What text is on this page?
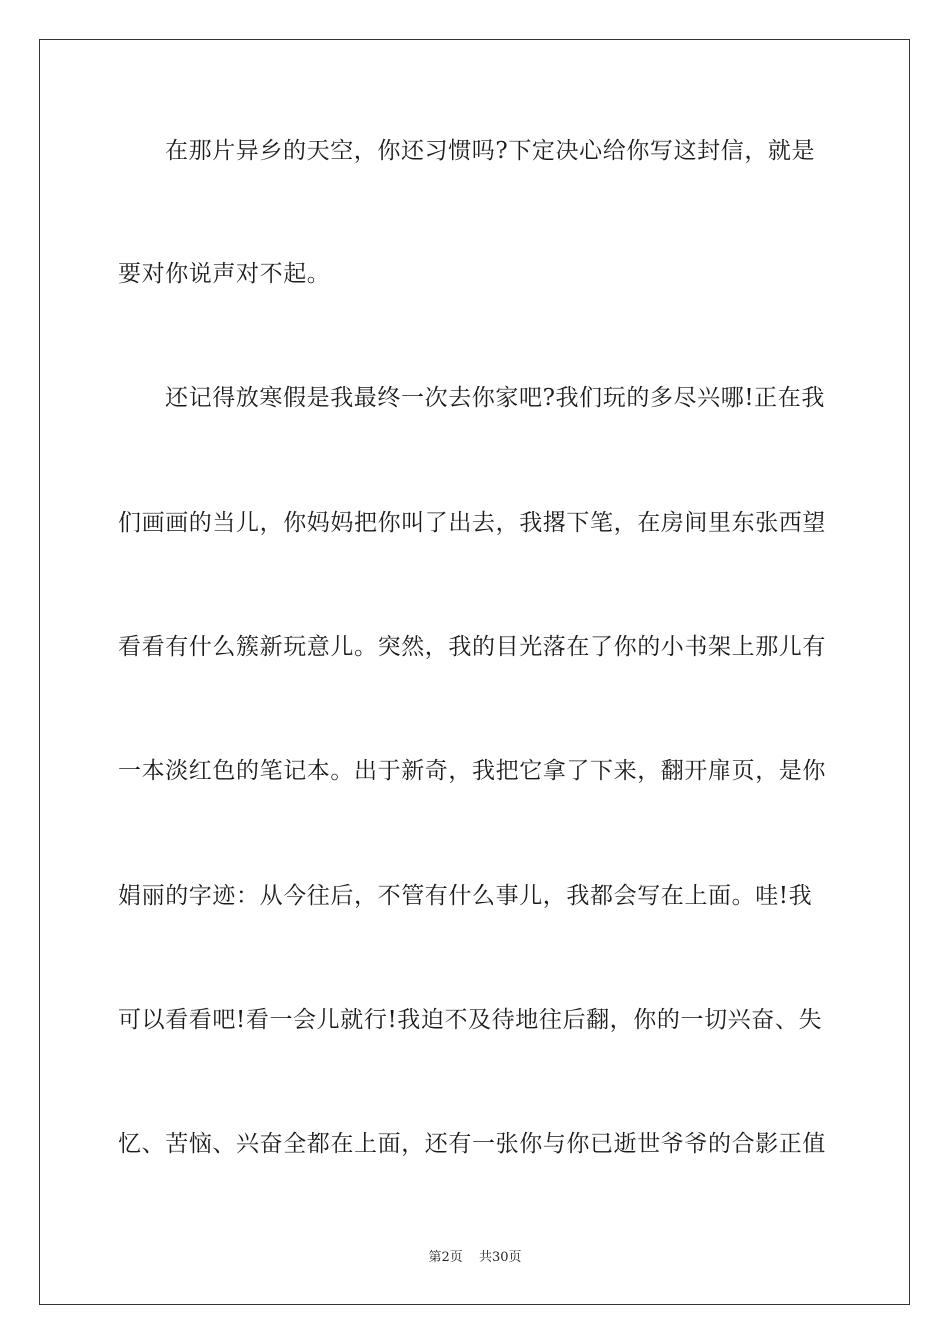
在那片异乡的天空，你还习惯吗?下定决心给你写这封信，就是
要对你说声对不起。
还记得放寒假是我最终一次去你家吧?我们玩的多尽兴哪!正在我
们画画的当儿，你妈妈把你叫了出去，我撂下笔，在房间里东张西望
看看有什么簇新玩意儿。突然，我的目光落在了你的小书架上那儿有
一本淡红色的笔记本。出于新奇，我把它拿了下来，翻开扉页，是你
娟丽的字迹：从今往后，不管有什么事儿，我都会写在上面。哇!我
可以看看吧!看一会儿就行!我迫不及待地往后翻，你的一切兴奋、失
忆、苦恼、兴奋全都在上面，还有一张你与你已逝世爷爷的合影正值
第2页 共30页
